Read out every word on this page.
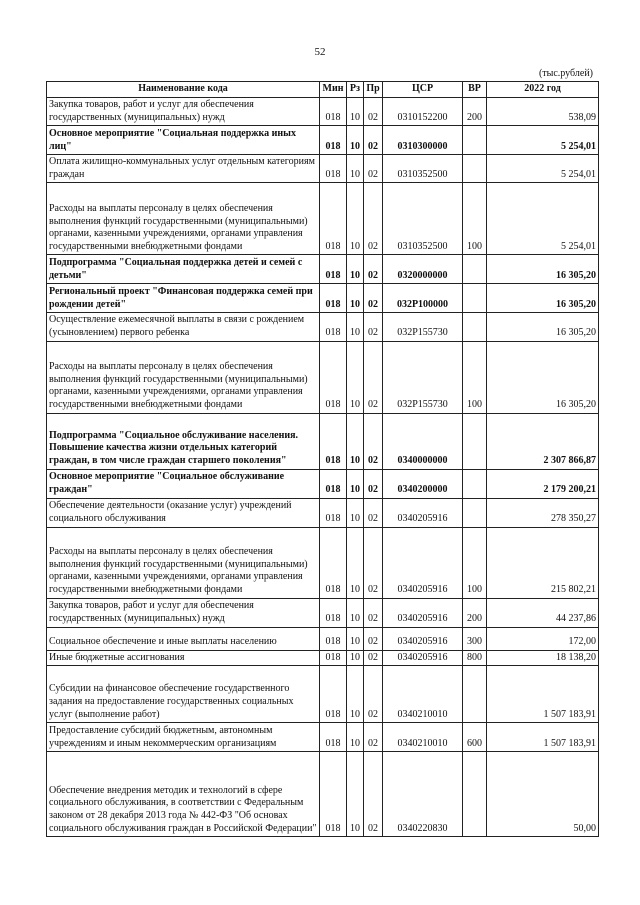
52
(тыс.рублей)
Наименование кода	Мин	Рз	Пр	ЦСР	ВР	2022 год
Закупка товаров, работ и услуг для обеспечения государственных (муниципальных) нужд	018	10	02	0310152200	200	538,09
Основное мероприятие "Социальная поддержка иных лиц"	018	10	02	0310300000		5 254,01
Оплата жилищно-коммунальных услуг отдельным категориям граждан	018	10	02	0310352500		5 254,01
Расходы на выплаты персоналу в целях обеспечения выполнения функций государственными (муниципальными) органами, казенными учреждениями, органами управления государственными внебюджетными фондами	018	10	02	0310352500	100	5 254,01
Подпрограмма "Социальная поддержка детей и семей с детьми"	018	10	02	0320000000		16 305,20
Региональный проект "Финансовая поддержка семей при рождении детей"	018	10	02	032P100000		16 305,20
Осуществление ежемесячной выплаты в связи с рождением (усыновлением) первого ребенка	018	10	02	032P155730		16 305,20
Расходы на выплаты персоналу в целях обеспечения выполнения функций государственными (муниципальными) органами, казенными учреждениями, органами управления государственными внебюджетными фондами	018	10	02	032P155730	100	16 305,20
Подпрограмма "Социальное обслуживание населения. Повышение качества жизни отдельных категорий граждан, в том числе граждан старшего поколения"	018	10	02	0340000000		2 307 866,87
Основное мероприятие "Социальное обслуживание граждан"	018	10	02	0340200000		2 179 200,21
Обеспечение деятельности (оказание услуг) учреждений социального обслуживания	018	10	02	0340205916		278 350,27
Расходы на выплаты персоналу в целях обеспечения выполнения функций государственными (муниципальными) органами, казенными учреждениями, органами управления государственными внебюджетными фондами	018	10	02	0340205916	100	215 802,21
Закупка товаров, работ и услуг для обеспечения государственных (муниципальных) нужд	018	10	02	0340205916	200	44 237,86
Социальное обеспечение и иные выплаты населению	018	10	02	0340205916	300	172,00
Иные бюджетные ассигнования	018	10	02	0340205916	800	18 138,20
Субсидии на финансовое обеспечение государственного задания на предоставление государственных социальных услуг (выполнение работ)	018	10	02	0340210010		1 507 183,91
Предоставление субсидий бюджетным, автономным учреждениям и иным некоммерческим организациям	018	10	02	0340210010	600	1 507 183,91
Обеспечение внедрения методик и технологий в сфере социального обслуживания, в соответствии с Федеральным законом от 28 декабря 2013 года № 442-ФЗ "Об основах социального обслуживания граждан в Российской Федерации"	018	10	02	0340220830		50,00
